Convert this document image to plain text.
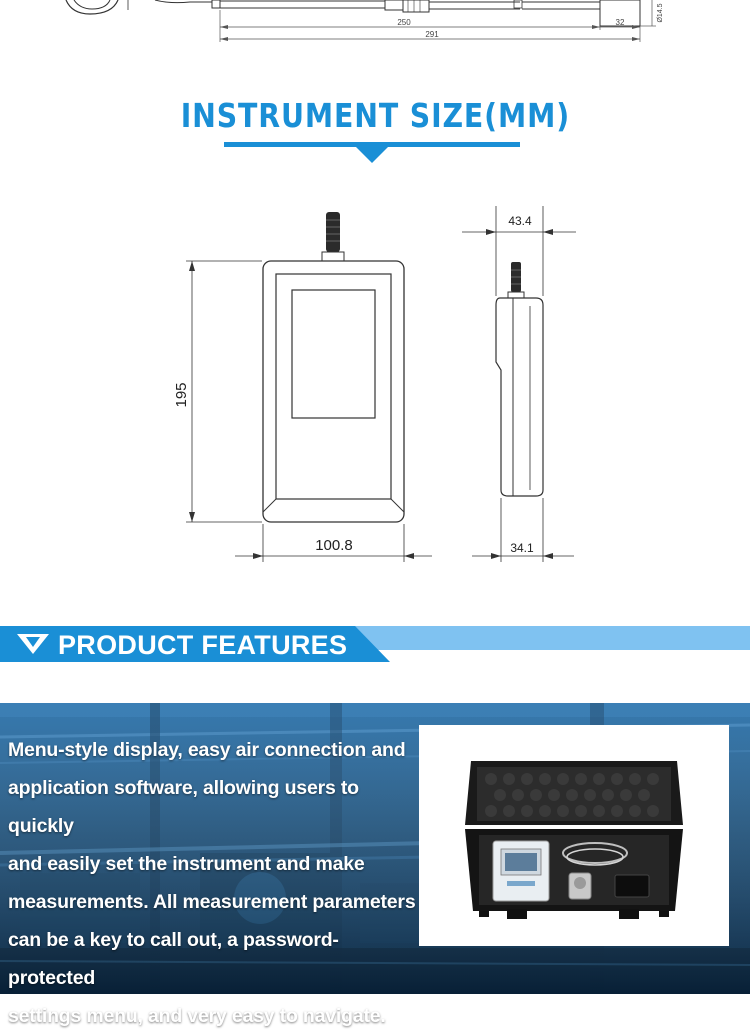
250	32
291
Ø14.5
INSTRUMENT SIZE(MM)
195
100.8
43.4
34.1
PRODUCT FEATURES
Menu-style display, easy air connection and
application software, allowing users to quickly
and easily set the instrument and make
measurements. All measurement parameters
can be a key to call out, a password-protected
settings menu, and very easy to navigate.
